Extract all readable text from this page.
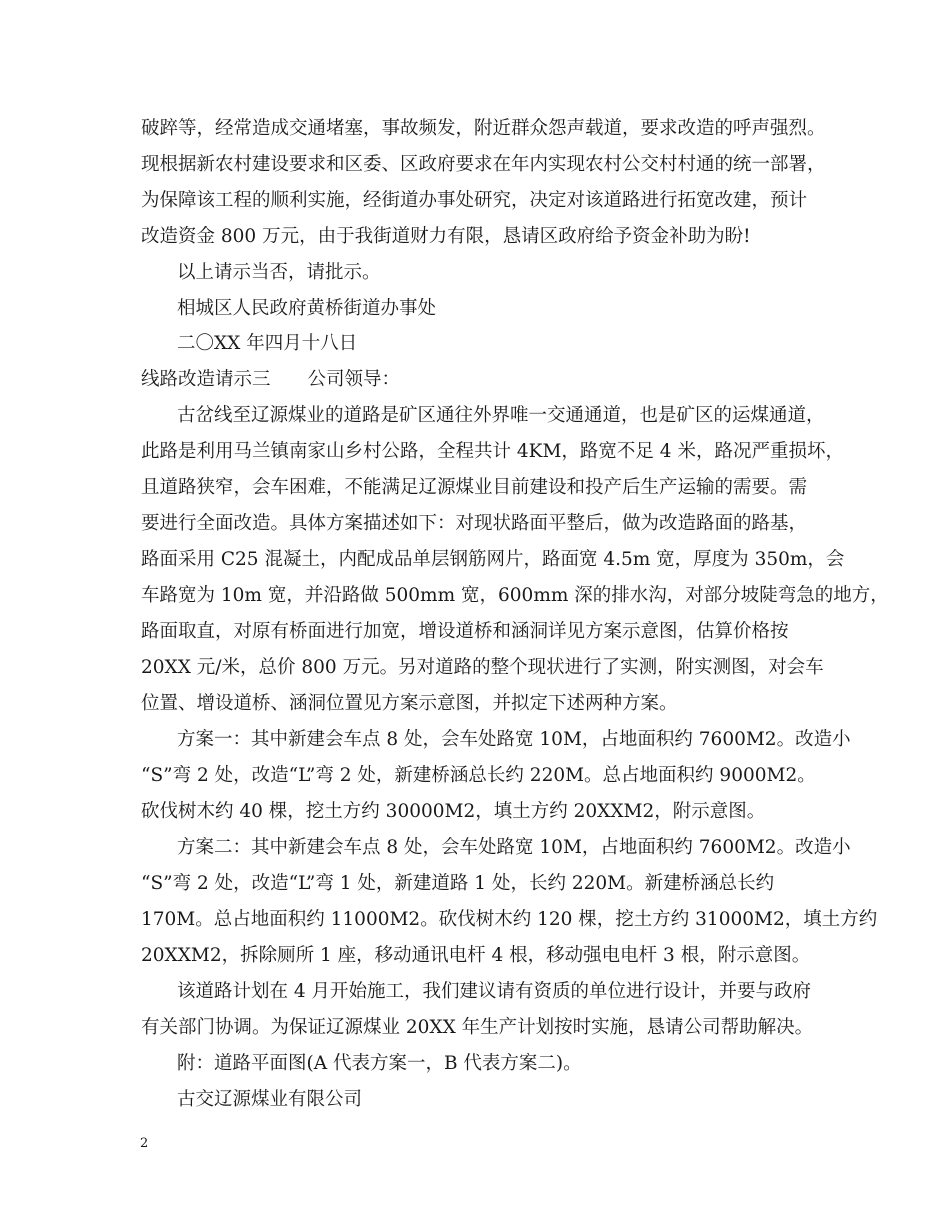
破踤等，经常造成交通堵塞，事故频发，附近群众怨声载道，要求改造的呼声强烈。
现根据新农村建设要求和区委、区政府要求在年内实现农村公交村村通的统一部署，
为保障该工程的顺利实施，经街道办事处研究，决定对该道路进行拓宽改建，预计
改造资金 800 万元，由于我街道财力有限，恳请区政府给予资金补助为盼!
以上请示当否，请批示。
相城区人民政府黄桥街道办事处
二〇XX 年四月十八日
线路改造请示三　　公司领导：
古岔线至辽源煤业的道路是矿区通往外界唯一交通通道，也是矿区的运煤通道，
此路是利用马兰镇南家山乡村公路，全程共计 4KM，路宽不足 4 米，路况严重损坏，
且道路狭窄，会车困难，不能满足辽源煤业目前建设和投产后生产运输的需要。需
要进行全面改造。具体方案描述如下：对现状路面平整后，做为改造路面的路基，
路面采用 C25 混凝土，内配成品单层钢筋网片，路面宽 4.5m 宽，厚度为 350m，会
车路宽为 10m 宽，并沿路做 500mm 宽，600mm 深的排水沟，对部分坡陡弯急的地方，
路面取直，对原有桥面进行加宽，增设道桥和涵洞详见方案示意图，估算价格按
20XX 元/米，总价 800 万元。另对道路的整个现状进行了实测，附实测图，对会车
位置、增设道桥、涵洞位置见方案示意图，并拟定下述两种方案。
方案一：其中新建会车点 8 处，会车处路宽 10M，占地面积约 7600M2。改造小
“S”弯 2 处，改造“L”弯 2 处，新建桥涵总长约 220M。总占地面积约 9000M2。
砍伐树木约 40 棵，挖土方约 30000M2，填土方约 20XXM2，附示意图。
方案二：其中新建会车点 8 处，会车处路宽 10M，占地面积约 7600M2。改造小
“S”弯 2 处，改造“L”弯 1 处，新建道路 1 处，长约 220M。新建桥涵总长约
170M。总占地面积约 11000M2。砍伐树木约 120 棵，挖土方约 31000M2，填土方约
20XXM2，拆除厕所 1 座，移动通讯电杆 4 根，移动强电电杆 3 根，附示意图。
该道路计划在 4 月开始施工，我们建议请有资质的单位进行设计，并要与政府
有关部门协调。为保证辽源煤业 20XX 年生产计划按时实施，恳请公司帮助解决。
附：道路平面图(A 代表方案一，B 代表方案二)。
古交辽源煤业有限公司
2
